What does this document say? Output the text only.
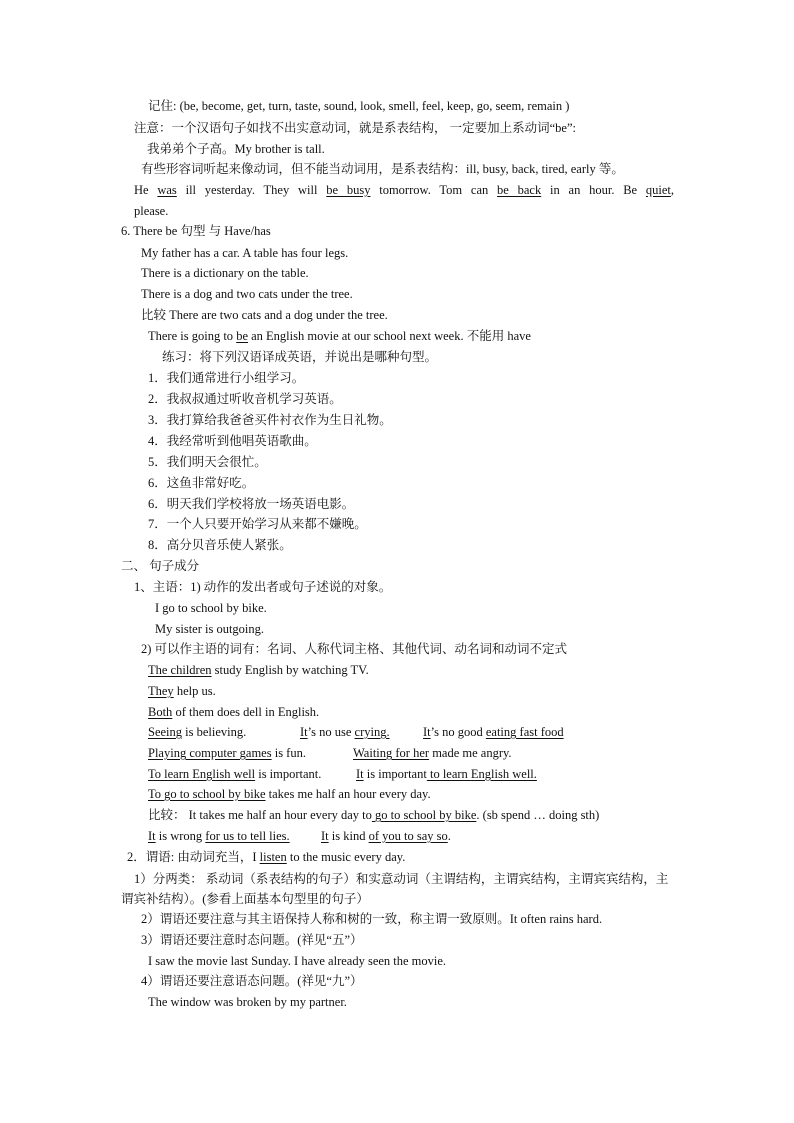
记住: (be, become, get, turn, taste, sound, look, smell, feel, keep, go, seem, remain )
注意：一个汉语句子如找不出实意动词，就是系表结构， 一定要加上系动词“be”:
我弟弟个子高。My brother is tall.
有些形容词听起来像动词，但不能当动词用，是系表结构：ill, busy, back, tired, early 等。
He was ill yesterday. They will be busy tomorrow. Tom can be back in an hour. Be quiet,
please.
6. There be 句型 与 Have/has
My father has a car. A table has four legs.
There is a dictionary on the table.
There is a dog and two cats under the tree.
比较 There are two cats and a dog under the tree.
There is going to be an English movie at our school next week. 不能用 have
练习：将下列汉语译成英语，并说出是哪种句型。
1．我们通常进行小组学习。
2．我叔叔通过听收音机学习英语。
3．我打算给我爸爸买件衬衣作为生日礼物。
4．我经常听到他唱英语歌曲。
5．我们明天会很忙。
6．这鱼非常好吃。
6．明天我们学校将放一场英语电影。
7．一个人只要开始学习从来都不嫌晚。
8．高分贝音乐使人紧张。
二、 句子成分
1、主语：1) 动作的发出者或句子述说的对象。
I go to school by bike.
My sister is outgoing.
2) 可以作主语的词有：名词、人称代词主格、其他代词、动名词和动词不定式
The children study English by watching TV.
They help us.
Both of them does dell in English.
Seeing is believing.	It’s no use crying.	It’s no good eating fast food
Playing computer games is fun.	Waiting for her made me angry.
To learn English well is important.	It is important to learn English well.
To go to school by bike takes me half an hour every day.
比较： It takes me half an hour every day to go to school by bike. (sb spend … doing sth)
It is wrong for us to tell lies.	It is kind of you to say so.
2．谓语: 由动词充当，I listen to the music every day.
1）分两类： 系动词（系表结构的句子）和实意动词（主谓结构，主谓宾结构，主谓宾宾结构，主谓宾补结构）。(参看上面基本句型里的句子）
2）谓语还要注意与其主语保持人称和树的一致，称主谓一致原则。It often rains hard.
3）谓语还要注意时态问题。(祥见“五”）
I saw the movie last Sunday. I have already seen the movie.
4）谓语还要注意语态问题。(祥见“九”）
The window was broken by my partner.
